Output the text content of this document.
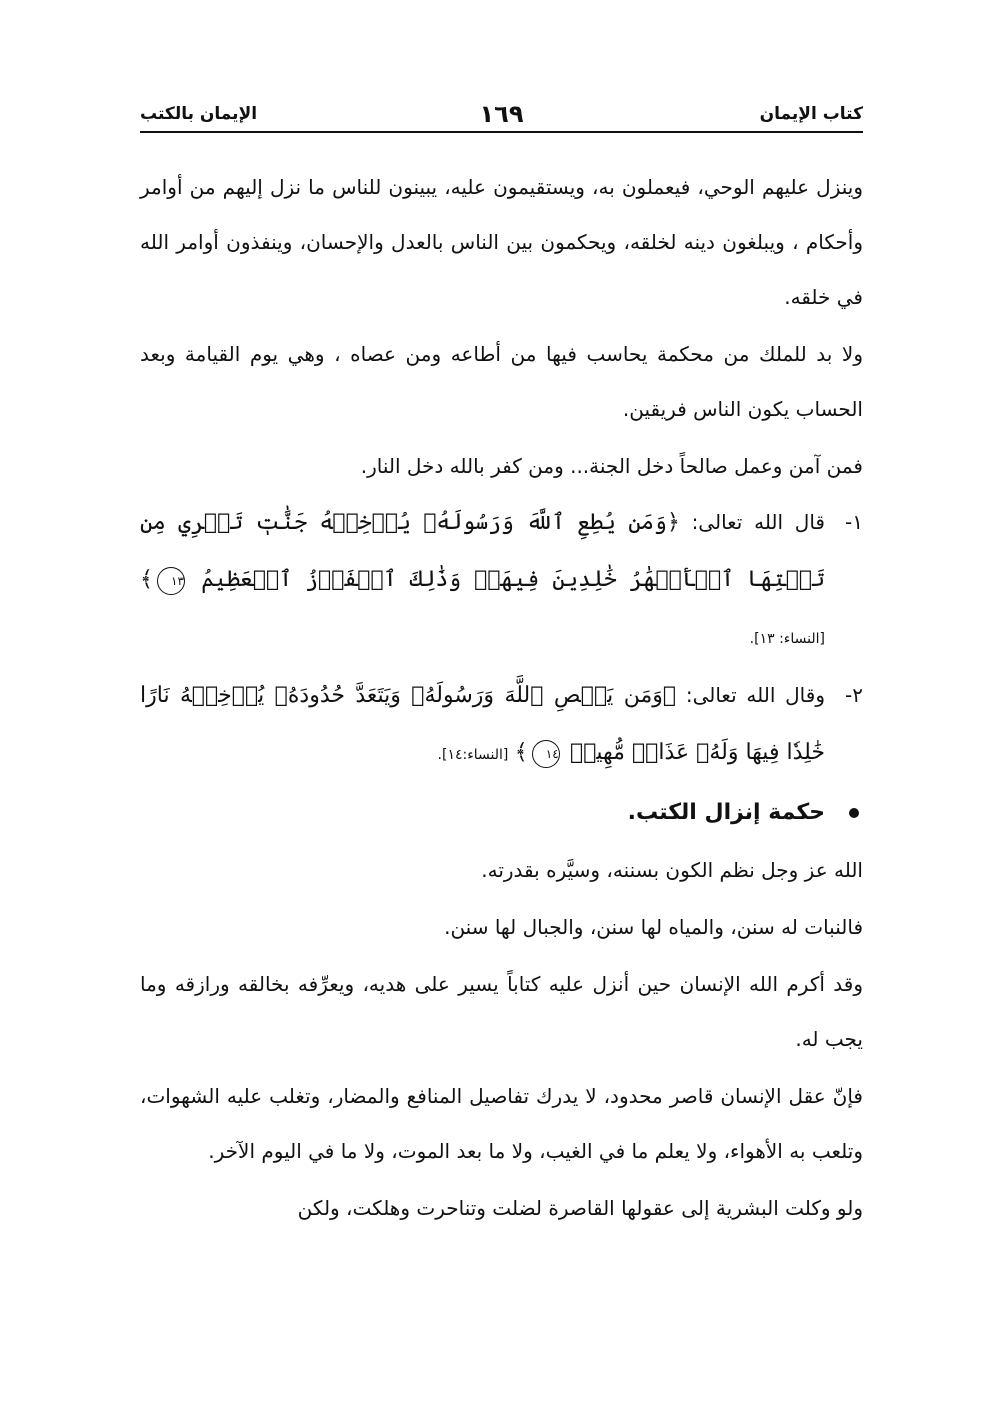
كتاب الإيمان
١٦٩
الإيمان بالكتب

وينزل عليهم الوحي، فيعملون به، ويستقيمون عليه، يبينون للناس ما نزل إليهم من أوامر وأحكام ، ويبلغون دينه لخلقه، ويحكمون بين الناس بالعدل والإحسان، وينفذون أوامر الله في خلقه.

ولا بد للملك من محكمة يحاسب فيها من أطاعه ومن عصاه ، وهي يوم القيامة وبعد الحساب يكون الناس فريقين.

فمن آمن وعمل صالحاً دخل الجنة... ومن كفر بالله دخل النار.

١-
قال الله تعالى: ﴿وَمَن يُطِعِ ٱللَّهَ وَرَسُولَهُۥ يُدۡخِلۡهُ جَنَّٰتٖ تَجۡرِي مِن تَحۡتِهَا ٱلۡأَنۡهَٰرُ خَٰلِدِينَ فِيهَاۚ وَذَٰلِكَ ٱلۡفَوۡزُ ٱلۡعَظِيمُ ١٣﴾ [النساء: ١٣].
٢-
وقال الله تعالى: ﴿وَمَن يَعۡصِ ٱللَّهَ وَرَسُولَهُۥ وَيَتَعَدَّ حُدُودَهُۥ يُدۡخِلۡهُ نَارًا خَٰلِدٗا فِيهَا وَلَهُۥ عَذَابٞ مُّهِينٞ ١٤﴾ [النساء:١٤].
حكمة إنزال الكتب.

الله عز وجل نظم الكون بسننه، وسيَّره بقدرته.

فالنبات له سنن، والمياه لها سنن، والجبال لها سنن.

وقد أكرم الله الإنسان حين أنزل عليه كتاباً يسير على هديه، ويعرِّفه بخالقه ورازقه وما يجب له.

فإنّ عقل الإنسان قاصر محدود، لا يدرك تفاصيل المنافع والمضار، وتغلب عليه الشهوات، وتلعب به الأهواء، ولا يعلم ما في الغيب، ولا ما بعد الموت، ولا ما في اليوم الآخر.

ولو وكلت البشرية إلى عقولها القاصرة لضلت وتناحرت وهلكت، ولكن
